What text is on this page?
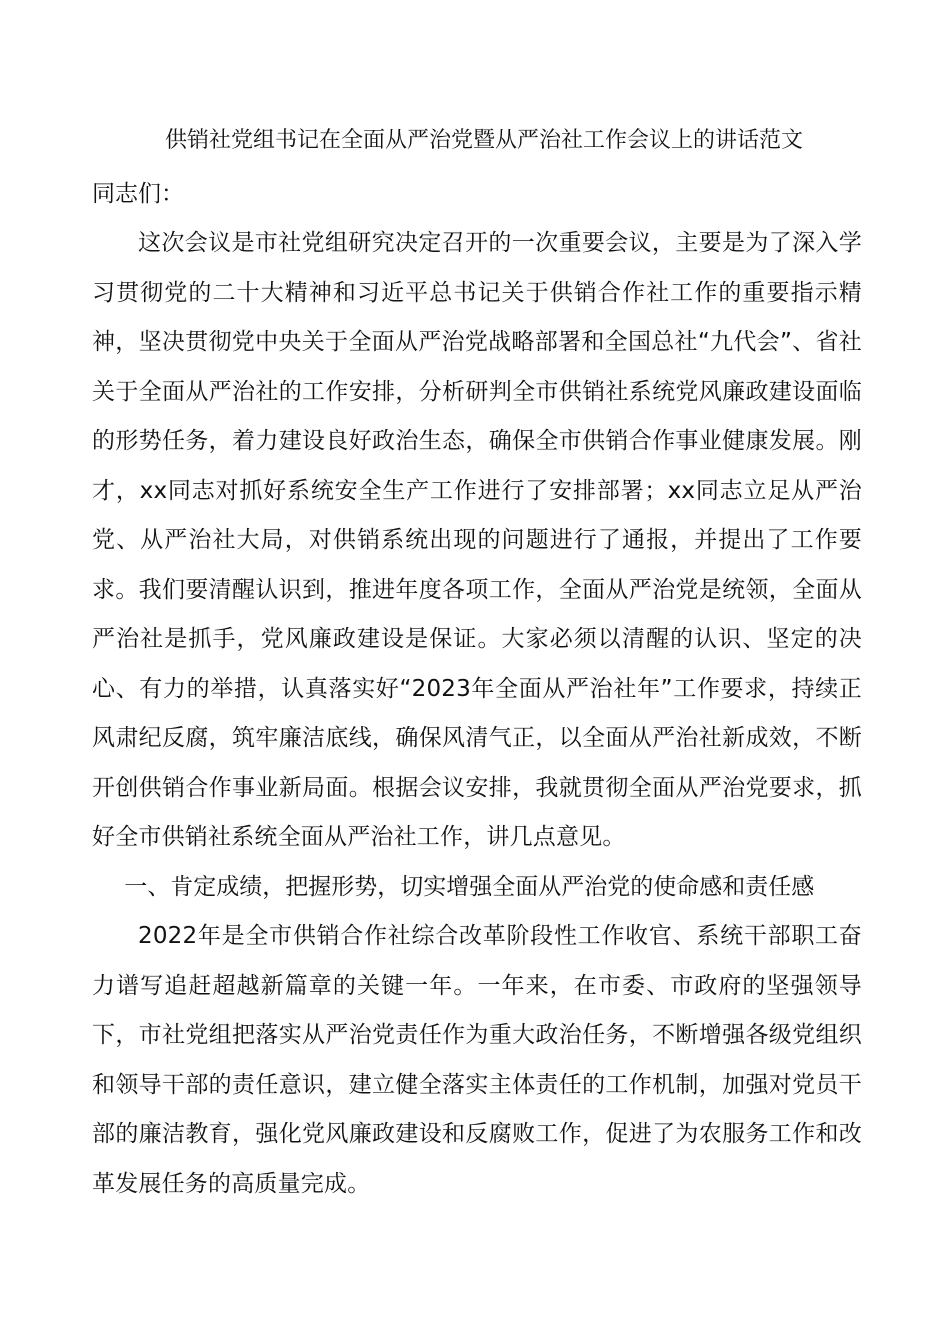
供销社党组书记在全面从严治党暨从严治社工作会议上的讲话范文

同志们：

这次会议是市社党组研究决定召开的一次重要会议，主要是为了深入学习贯彻党的二十大精神和习近平总书记关于供销合作社工作的重要指示精神，坚决贯彻党中央关于全面从严治党战略部署和全国总社“九代会”、省社关于全面从严治社的工作安排，分析研判全市供销社系统党风廉政建设面临的形势任务，着力建设良好政治生态，确保全市供销合作事业健康发展。刚才，xx同志对抓好系统安全生产工作进行了安排部署；xx同志立足从严治党、从严治社大局，对供销系统出现的问题进行了通报，并提出了工作要求。我们要清醒认识到，推进年度各项工作，全面从严治党是统领，全面从严治社是抓手，党风廉政建设是保证。大家必须以清醒的认识、坚定的决心、有力的举措，认真落实好“2023年全面从严治社年”工作要求，持续正风肃纪反腐，筑牢廉洁底线，确保风清气正，以全面从严治社新成效，不断开创供销合作事业新局面。根据会议安排，我就贯彻全面从严治党要求，抓好全市供销社系统全面从严治社工作，讲几点意见。

一、肯定成绩，把握形势，切实增强全面从严治党的使命感和责任感

2022年是全市供销合作社综合改革阶段性工作收官、系统干部职工奋力谱写追赶超越新篇章的关键一年。一年来，在市委、市政府的坚强领导下，市社党组把落实从严治党责任作为重大政治任务，不断增强各级党组织和领导干部的责任意识，建立健全落实主体责任的工作机制，加强对党员干部的廉洁教育，强化党风廉政建设和反腐败工作，促进了为农服务工作和改革发展任务的高质量完成。
